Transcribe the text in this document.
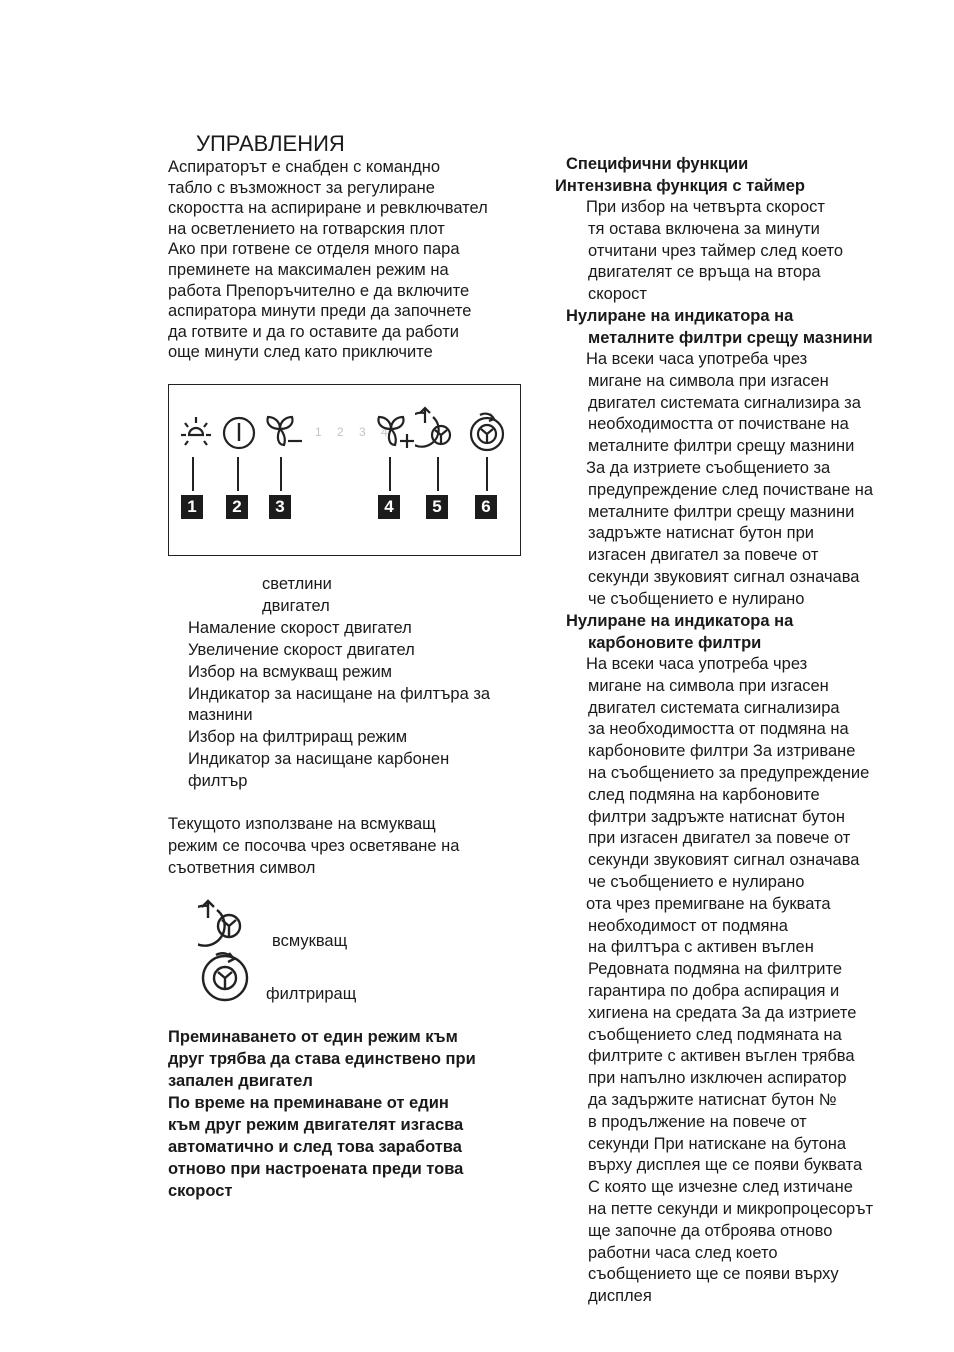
УПРАВЛЕНИЯ
Аспираторът е снабден с командно
табло с възможност за регулиране
скоростта на аспириране и ревключвател
на осветлението на готварския плот
Ако при готвене се отделя много пара
преминете на максимален режим на
работа Препоръчително е да включите
аспиратора минути преди да започнете
да готвите и да го оставите да работи
още минути след като приключите
1 2 3 4
1	2	3	4	5	6
светлини
двигател
Намаление скорост двигател
Увеличение скорост двигател
Избор на всмукващ режим
Индикатор за насищане на филтъра за
мазнини
Избор на филтриращ режим
Индикатор за насищане карбонен
филтър
Текущото използване на всмукващ
режим се посочва чрез осветяване на
съответния символ
всмукващ
филтриращ
Преминаването от един режим към
друг трябва да става единствено при
запален двигател
По време на преминаване от един
към друг режим двигателят изгасва
автоматично и след това заработва
отново при настроената преди това
скорост
Специфични функции
Интензивна функция с таймер
При избор на четвърта скорост
тя остава включена за минути
отчитани чрез таймер след което
двигателят се връща на втора
скорост
Нулиране на индикатора на
металните филтри срещу мазнини
На всеки часа употреба чрез
мигане на символа при изгасен
двигател системата сигнализира за
необходимостта от почистване на
металните филтри срещу мазнини
За да изтриете съобщението за
предупреждение след почистване на
металните филтри срещу мазнини
задръжте натиснат бутон при
изгасен двигател за повече от
секунди звуковият сигнал означава
че съобщението е нулирано
Нулиране на индикатора на
карбоновите филтри
На всеки часа употреба чрез
мигане на символа при изгасен
двигател системата сигнализира
за необходимостта от подмяна на
карбоновите филтри За изтриване
на съобщението за предупреждение
след подмяна на карбоновите
филтри задръжте натиснат бутон
при изгасен двигател за повече от
секунди звуковият сигнал означава
че съобщението е нулирано
ота чрез премигване на буквата
необходимост от подмяна
на филтъра с активен въглен
Редовната подмяна на филтрите
гарантира по добра аспирация и
хигиена на средата За да изтриете
съобщението след подмяната на
филтрите с активен въглен трябва
при напълно изключен аспиратор
да задържите натиснат бутон №
в продължение на повече от
секунди При натискане на бутона
върху дисплея ще се появи буквата
С която ще изчезне след изтичане
на петте секунди и микропроцесорът
ще започне да отброява отново
работни часа след което
съобщението ще се появи върху
дисплея
